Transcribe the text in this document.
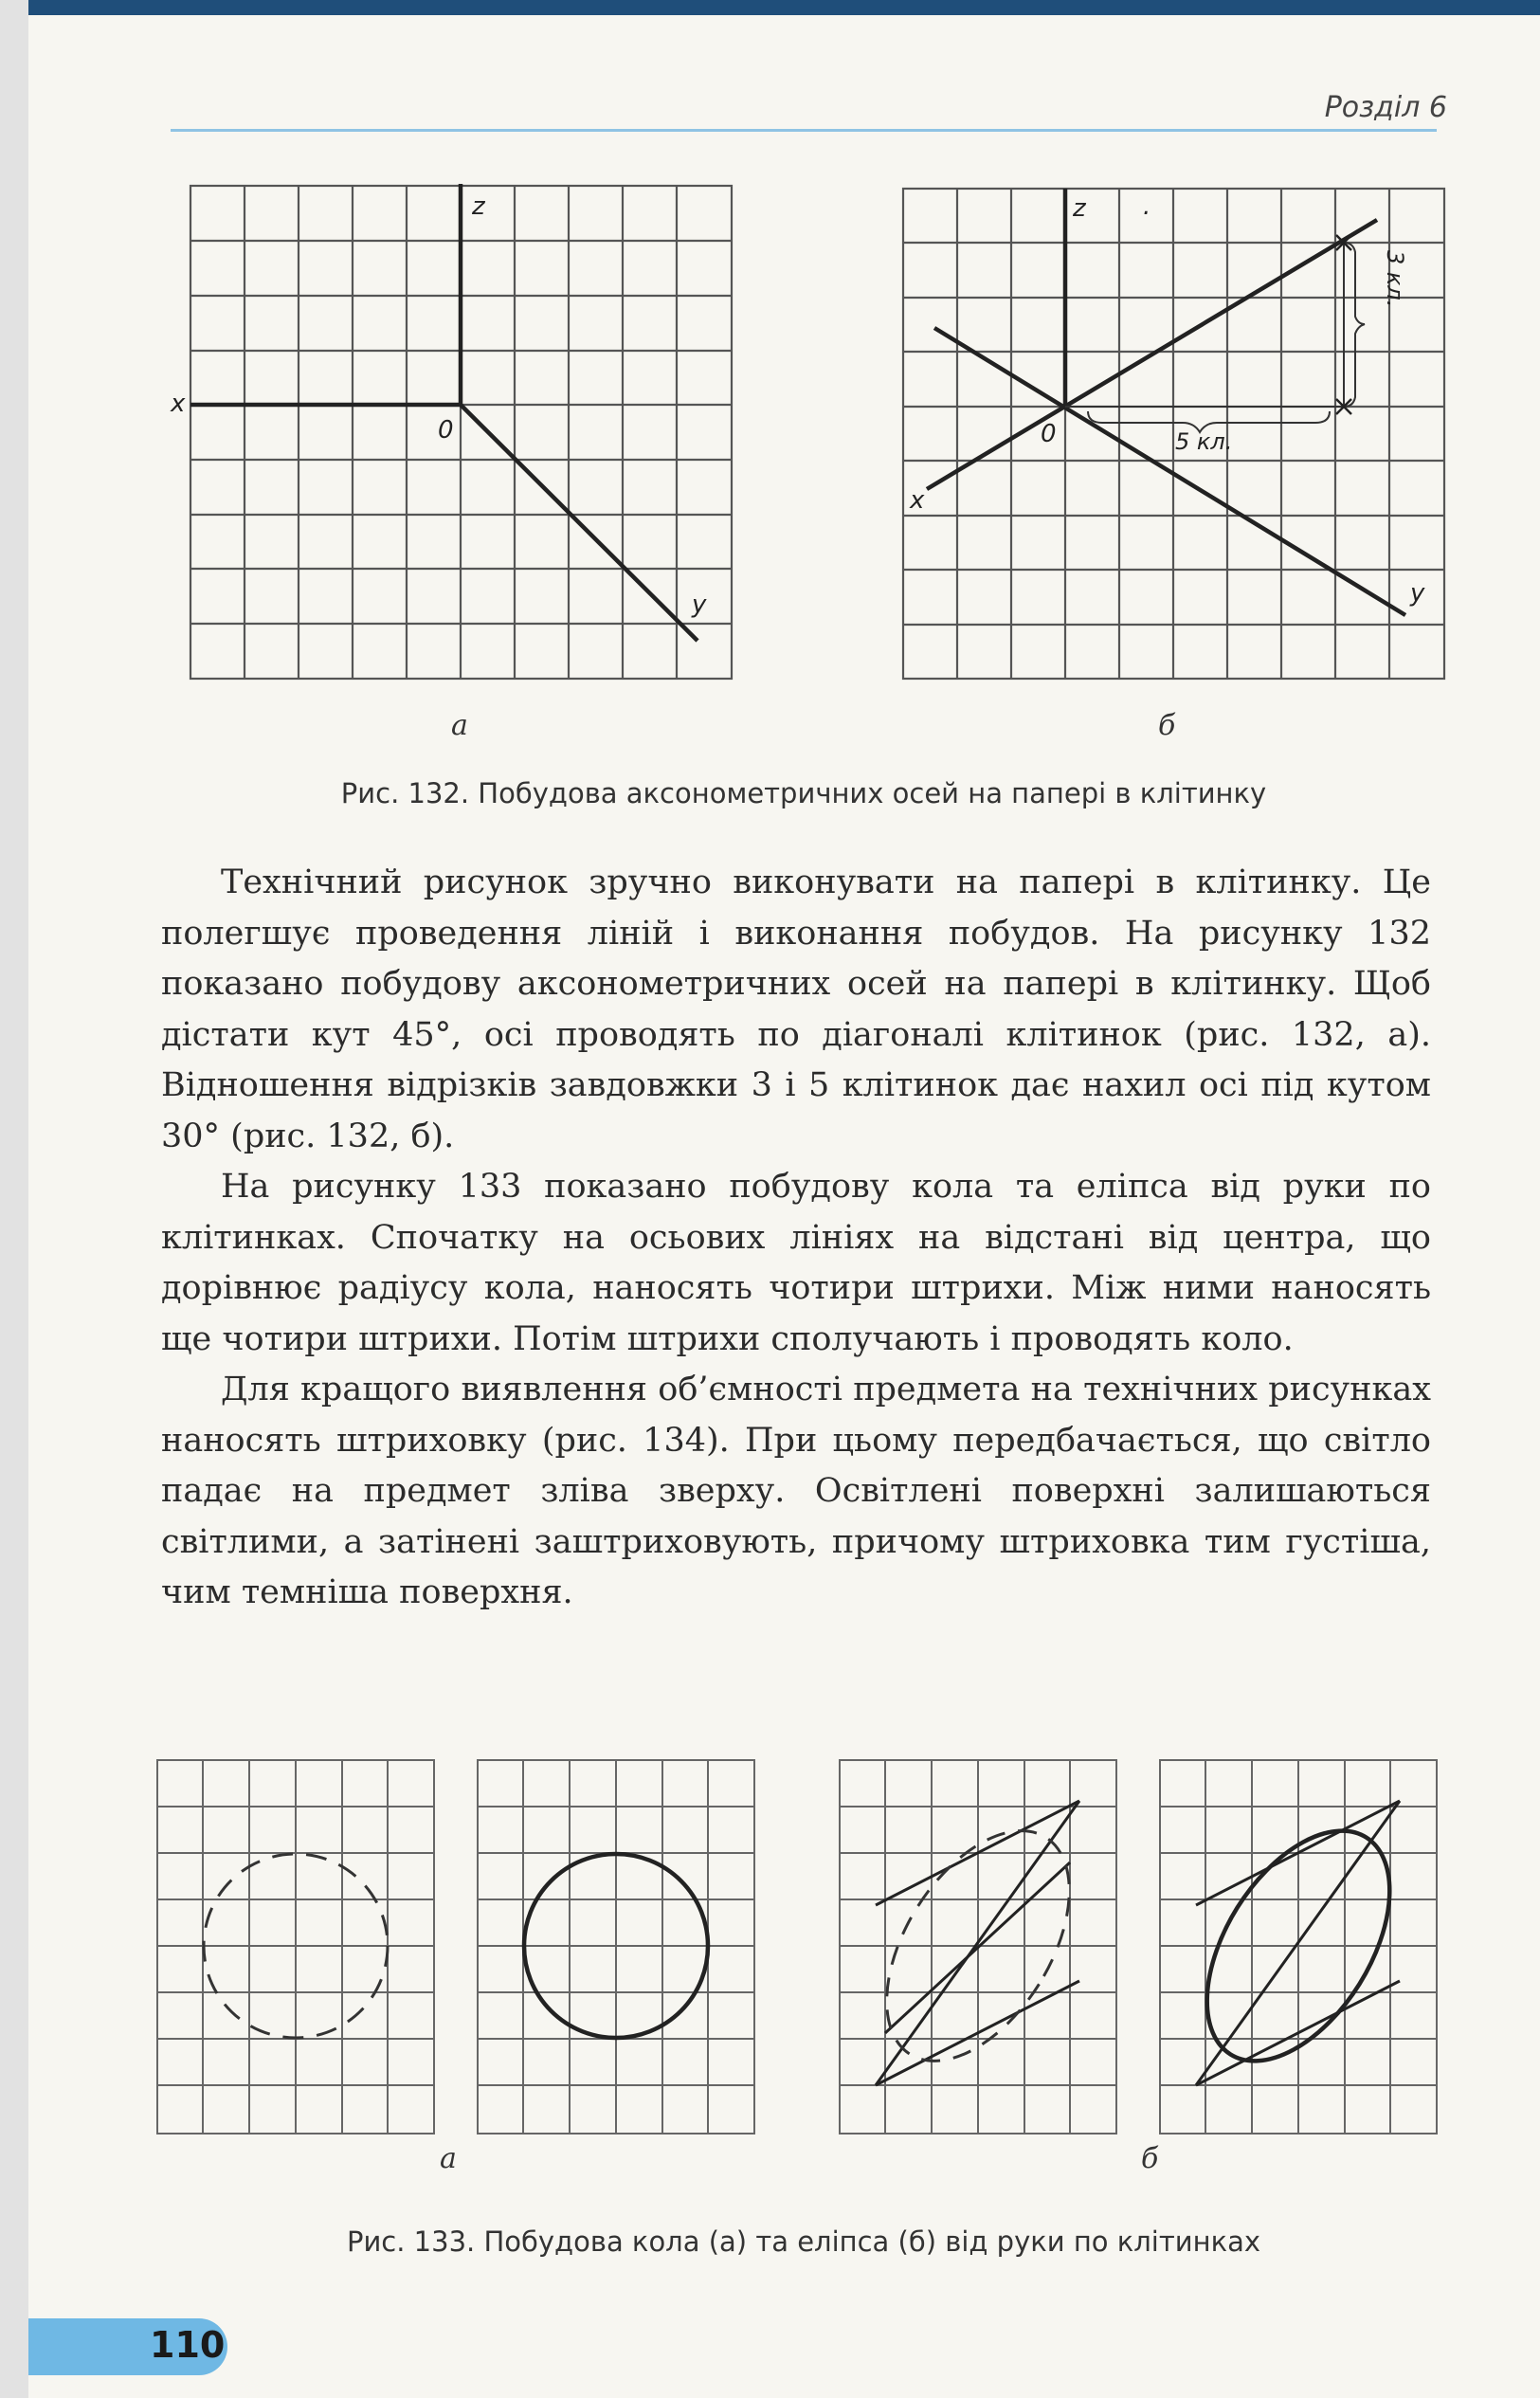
Розділ 6
z
x
0
y
а
z .
0
x
y
5 кл.
3 кл.
б
Рис. 132. Побудова аксонометричних осей на папері в клітинку

Технічний рисунок зручно виконувати на папері в клітинку. Це полегшує проведення ліній і виконання побудов. На рисунку 132 показано побудову аксонометричних осей на папері в клітинку. Щоб дістати кут 45°, осі проводять по діагоналі клітинок (рис. 132, а). Відношення відрізків завдовжки 3 і 5 клітинок дає нахил осі під кутом 30° (рис. 132, б).

На рисунку 133 показано побудову кола та еліпса від руки по клітинках. Спочатку на осьових лініях на відстані від центра, що дорівнює радіусу кола, наносять чотири штрихи. Між ними наносять ще чотири штрихи. Потім штрихи сполучають і проводять коло.

Для кращого виявлення об’ємності предмета на технічних рисунках наносять штриховку (рис. 134). При цьому передбачається, що світло падає на предмет зліва зверху. Освітлені поверхні залишаються світлими, а затінені заштриховують, причому штриховка тим густіша, чим темніша поверхня.

а	б
Рис. 133. Побудова кола (а) та еліпса (б) від руки по клітинках
110
